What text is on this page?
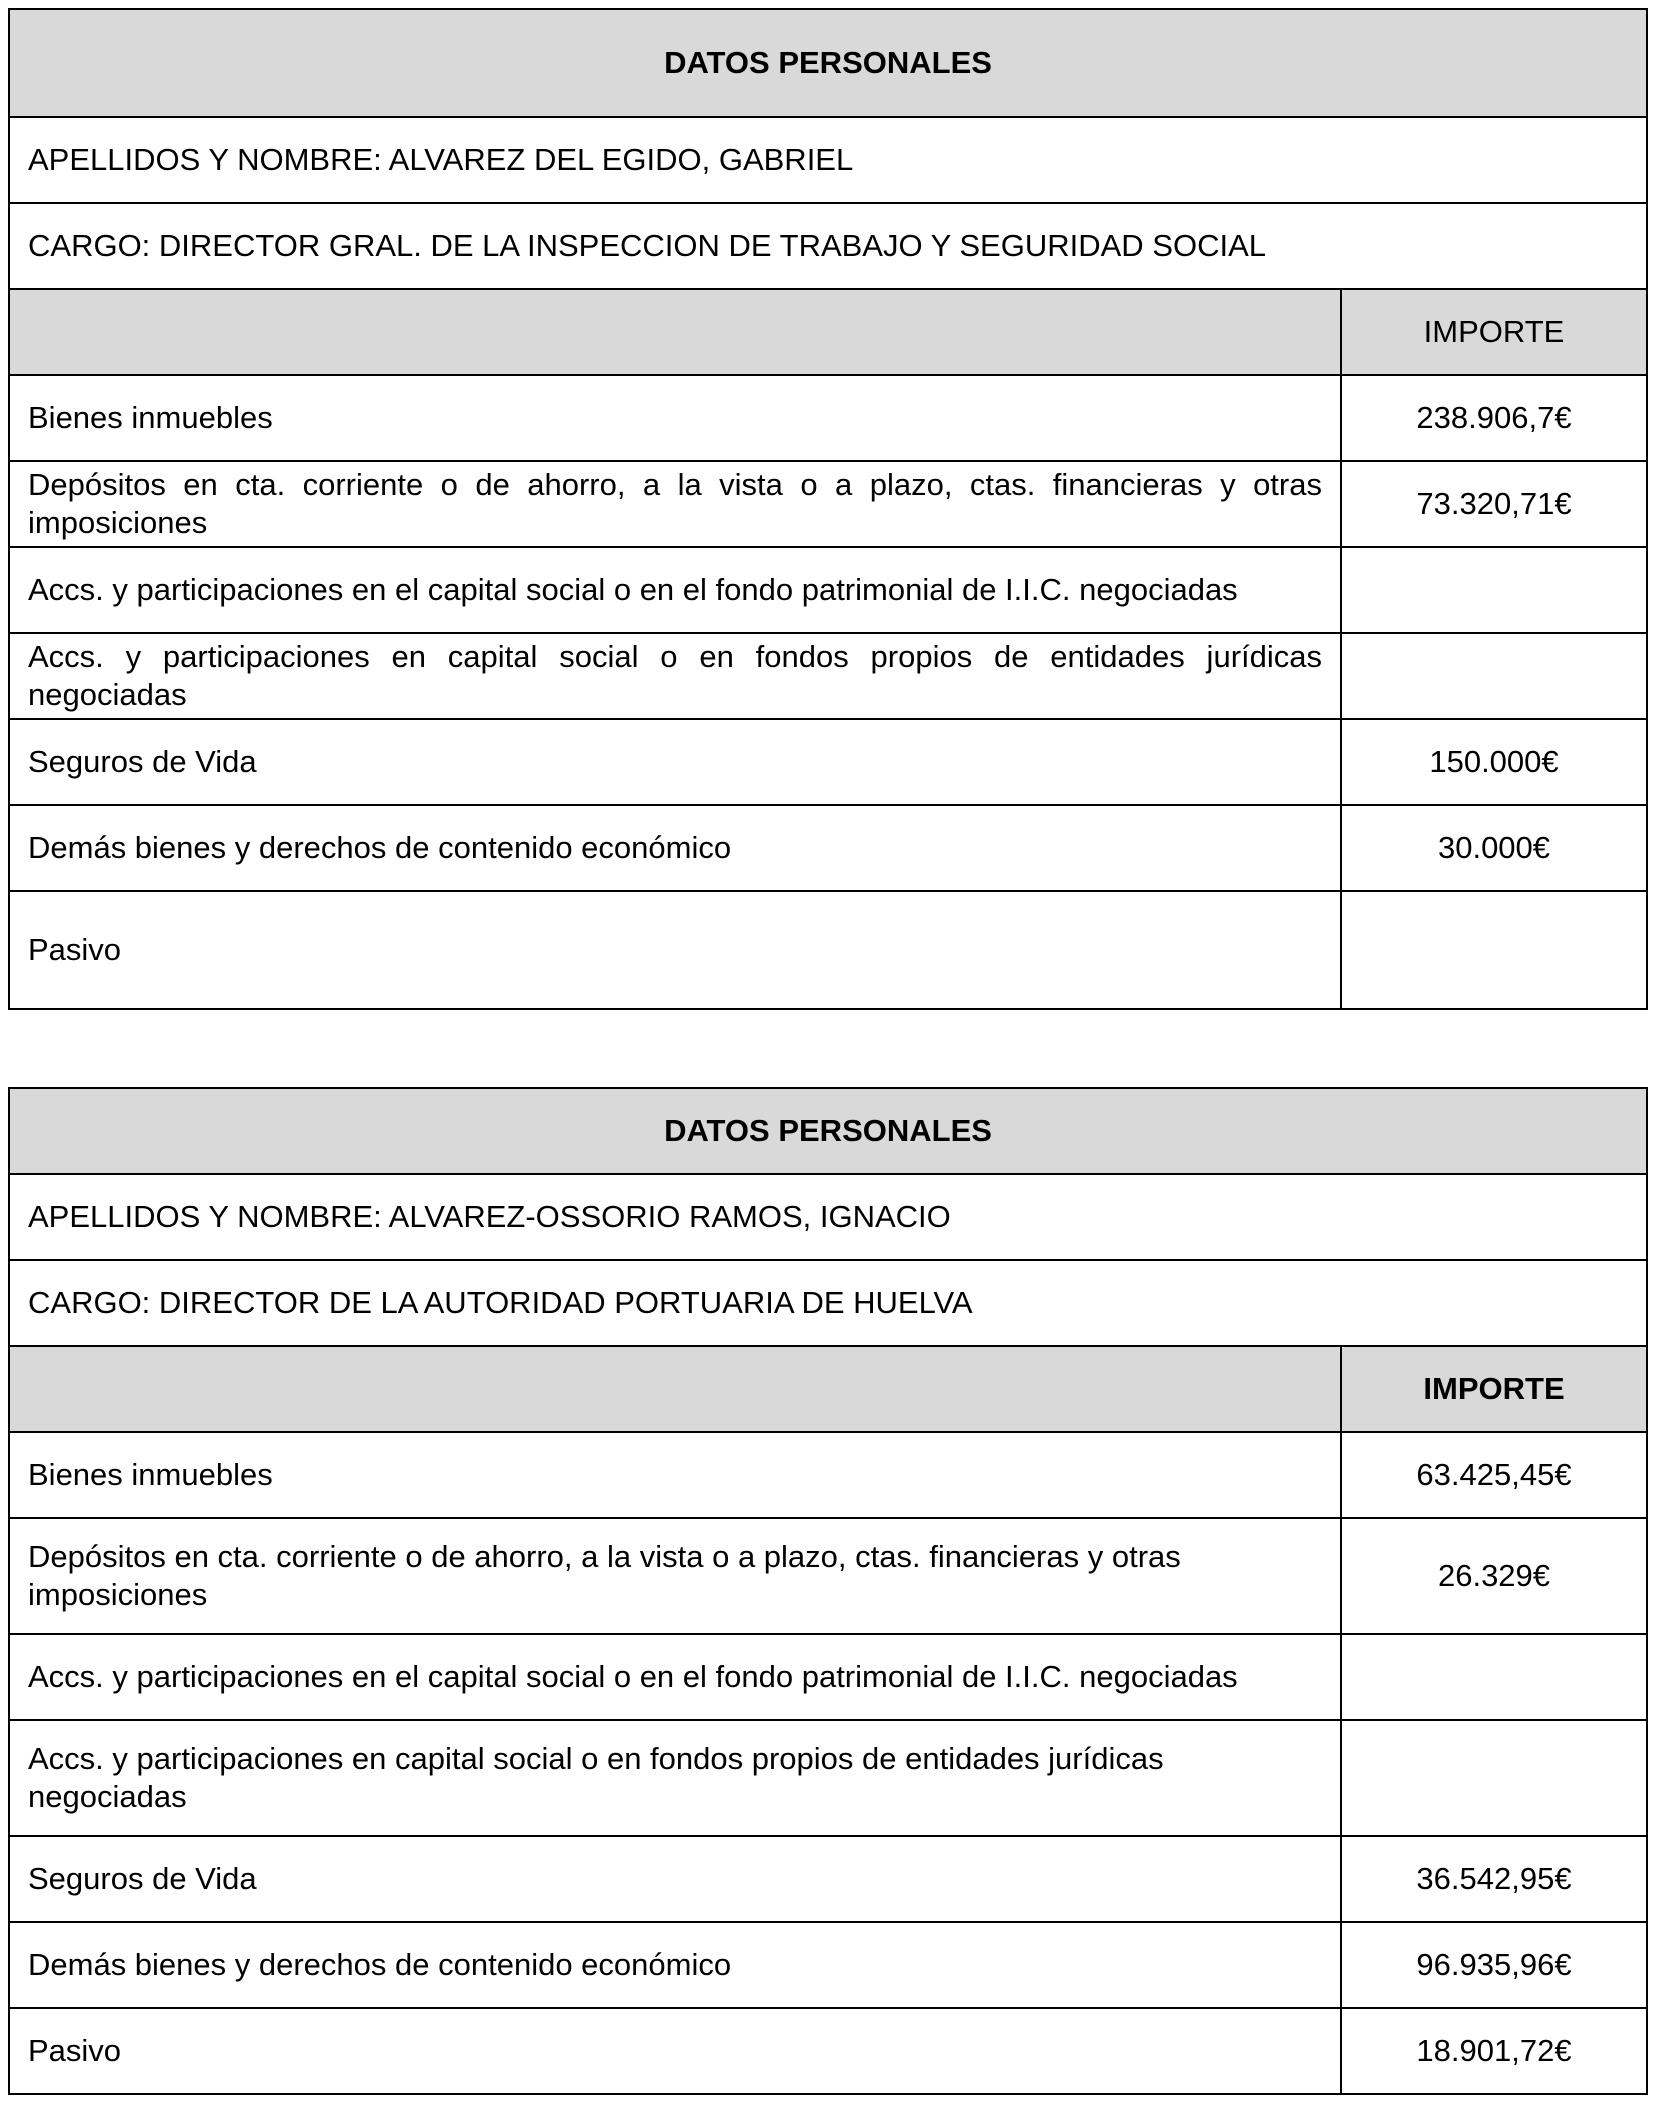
DATOS PERSONALES	
APELLIDOS Y NOMBRE: ALVAREZ DEL EGIDO, GABRIEL	
CARGO: DIRECTOR GRAL. DE LA INSPECCION DE TRABAJO Y SEGURIDAD SOCIAL	
	IMPORTE
Bienes inmuebles	238.906,7€
Depósitos en cta. corriente o de ahorro, a la vista o a plazo, ctas. financieras y otras imposiciones	73.320,71€
Accs. y participaciones en el capital social o en el fondo patrimonial de I.I.C. negociadas	
Accs. y participaciones en capital social o en fondos propios de entidades jurídicas negociadas	
Seguros de Vida	150.000€
Demás bienes y derechos de contenido económico	30.000€
Pasivo	
DATOS PERSONALES	
APELLIDOS Y NOMBRE: ALVAREZ-OSSORIO RAMOS, IGNACIO	
CARGO: DIRECTOR DE LA AUTORIDAD PORTUARIA DE HUELVA	
	IMPORTE
Bienes inmuebles	63.425,45€
Depósitos en cta. corriente o de ahorro, a la vista o a plazo, ctas. financieras y otras imposiciones	26.329€
Accs. y participaciones en el capital social o en el fondo patrimonial de I.I.C. negociadas	
Accs. y participaciones en capital social o en fondos propios de entidades jurídicas negociadas	
Seguros de Vida	36.542,95€
Demás bienes y derechos de contenido económico	96.935,96€
Pasivo	18.901,72€
